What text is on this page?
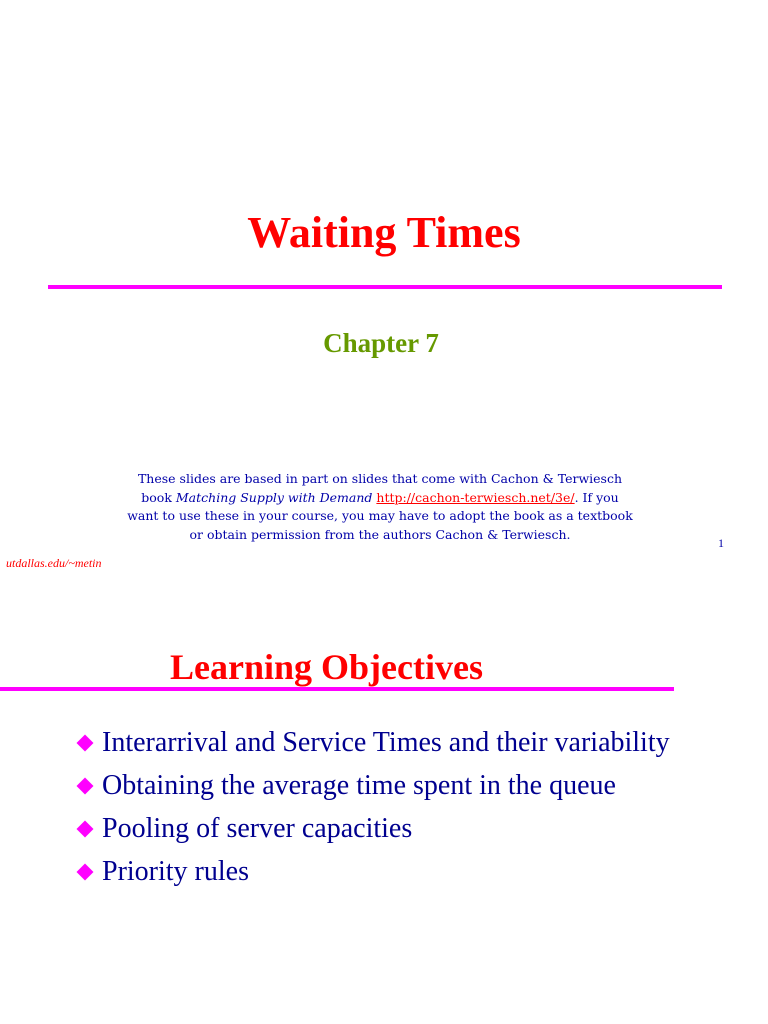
Waiting Times
Chapter 7

These slides are based in part on slides that come with Cachon & Terwiesch
book Matching Supply with Demand http://cachon-terwiesch.net/3e/. If you
want to use these in your course, you may have to adopt the book as a textbook
or obtain permission from the authors Cachon & Terwiesch.

1
utdallas.edu/~metin
Learning Objectives
Interarrival and Service Times and their variability
Obtaining the average time spent in the queue
Pooling of server capacities
Priority rules
